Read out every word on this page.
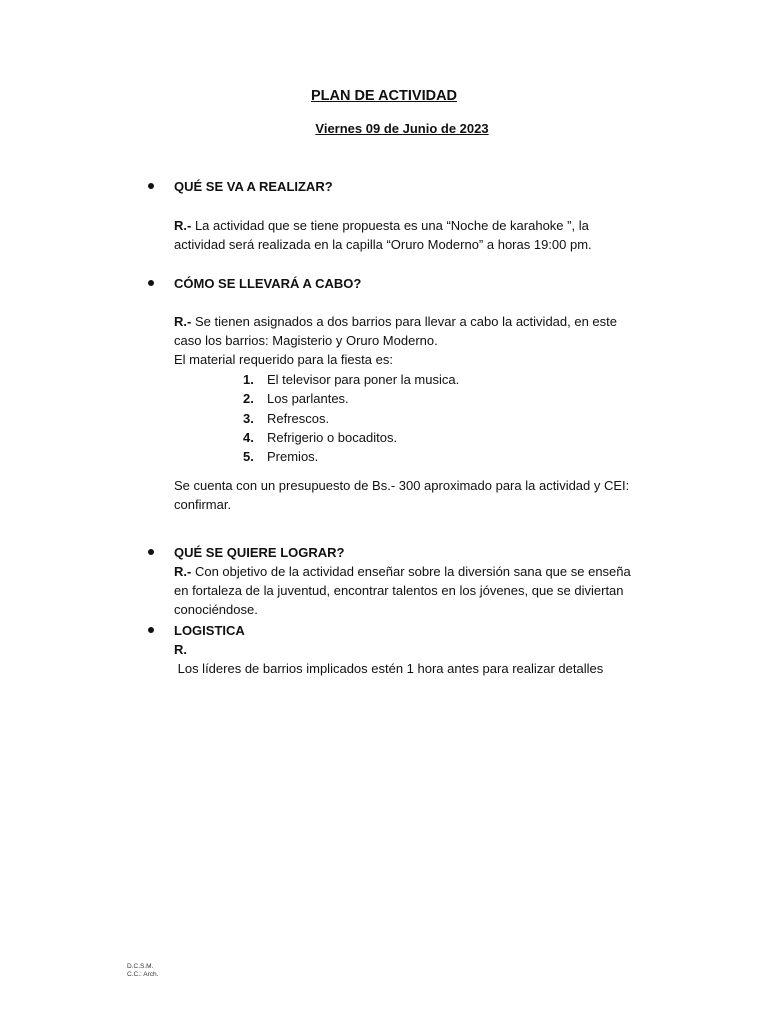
PLAN DE ACTIVIDAD
Viernes 09 de Junio de 2023
QUÉ SE VA A REALIZAR?
R.- La actividad que se tiene propuesta es una “Noche de karahoke ”, la
actividad será realizada en la capilla “Oruro Moderno” a horas 19:00 pm.
CÓMO SE LLEVARÁ A CABO?
R.- Se tienen asignados a dos barrios para llevar a cabo la actividad, en este
caso los barrios: Magisterio y Oruro Moderno.
El material requerido para la fiesta es:
1.	El televisor para poner la musica.
2.	Los parlantes.
3.	Refrescos.
4.	Refrigerio o bocaditos.
5.	Premios.
Se cuenta con un presupuesto de Bs.- 300 aproximado para la actividad y CEI:
confirmar.
QUÉ SE QUIERE LOGRAR?
R.- Con objetivo de la actividad enseñar sobre la diversión sana que se enseña
en fortaleza de la juventud, encontrar talentos en los jóvenes, que se diviertan
conociéndose.
LOGISTICA
R.
Los líderes de barrios implicados estén 1 hora antes para realizar detalles
D.C.S.M.
C.C.: Arch.
